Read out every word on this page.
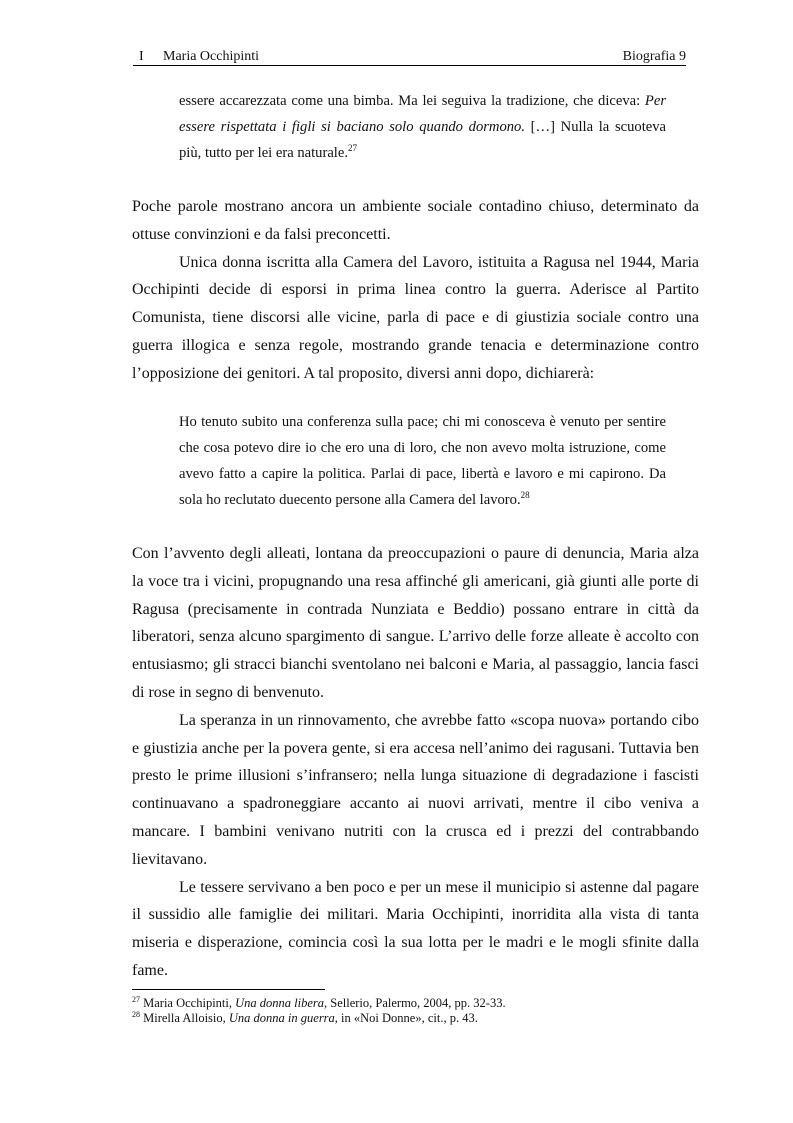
I Maria Occhipinti	Biografia 9
essere accarezzata come una bimba. Ma lei seguiva la tradizione, che diceva: Per essere rispettata i figli si baciano solo quando dormono. […] Nulla la scuoteva più, tutto per lei era naturale.$^{27}$

Poche parole mostrano ancora un ambiente sociale contadino chiuso, determinato da ottuse convinzioni e da falsi preconcetti.

Unica donna iscritta alla Camera del Lavoro, istituita a Ragusa nel 1944, Maria Occhipinti decide di esporsi in prima linea contro la guerra. Aderisce al Partito Comunista, tiene discorsi alle vicine, parla di pace e di giustizia sociale contro una guerra illogica e senza regole, mostrando grande tenacia e determinazione contro l’opposizione dei genitori. A tal proposito, diversi anni dopo, dichiarerà:

Ho tenuto subito una conferenza sulla pace; chi mi conosceva è venuto per sentire che cosa potevo dire io che ero una di loro, che non avevo molta istruzione, come avevo fatto a capire la politica. Parlai di pace, libertà e lavoro e mi capirono. Da sola ho reclutato duecento persone alla Camera del lavoro.$^{28}$

Con l’avvento degli alleati, lontana da preoccupazioni o paure di denuncia, Maria alza la voce tra i vicini, propugnando una resa affinché gli americani, già giunti alle porte di Ragusa (precisamente in contrada Nunziata e Beddio) possano entrare in città da liberatori, senza alcuno spargimento di sangue. L’arrivo delle forze alleate è accolto con entusiasmo; gli stracci bianchi sventolano nei balconi e Maria, al passaggio, lancia fasci di rose in segno di benvenuto.

La speranza in un rinnovamento, che avrebbe fatto «scopa nuova» portando cibo e giustizia anche per la povera gente, si era accesa nell’animo dei ragusani. Tuttavia ben presto le prime illusioni s’infransero; nella lunga situazione di degradazione i fascisti continuavano a spadroneggiare accanto ai nuovi arrivati, mentre il cibo veniva a mancare. I bambini venivano nutriti con la crusca ed i prezzi del contrabbando lievitavano.

Le tessere servivano a ben poco e per un mese il municipio si astenne dal pagare il sussidio alle famiglie dei militari. Maria Occhipinti, inorridita alla vista di tanta miseria e disperazione, comincia così la sua lotta per le madri e le mogli sfinite dalla fame.

$^{27}$ Maria Occhipinti, Una donna libera, Sellerio, Palermo, 2004, pp. 32-33.
$^{28}$ Mirella Alloisio, Una donna in guerra, in «Noi Donne», cit., p. 43.
